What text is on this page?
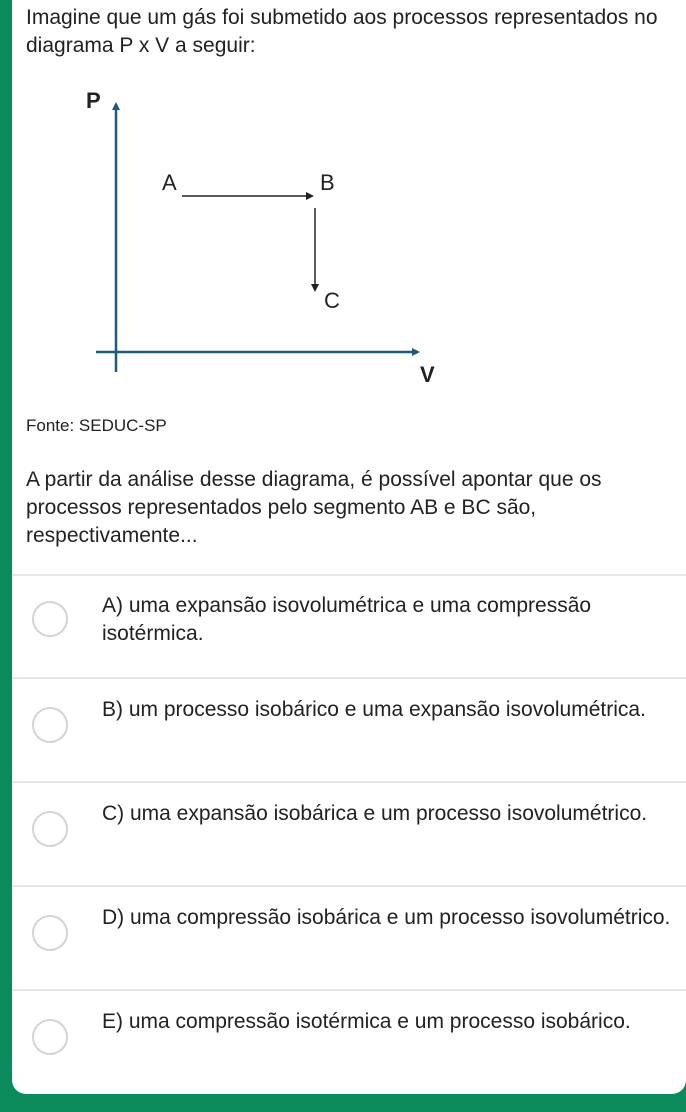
Imagine que um gás foi submetido aos processos representados no diagrama P x V a seguir:
P
V
A	B
C
Fonte: SEDUC-SP
A partir da análise desse diagrama, é possível apontar que os processos representados pelo segmento AB e BC são, respectivamente...
A) uma expansão isovolumétrica e uma compressão isotérmica.
B) um processo isobárico e uma expansão isovolumétrica.
C) uma expansão isobárica e um processo isovolumétrico.
D) uma compressão isobárica e um processo isovolumétrico.
E) uma compressão isotérmica e um processo isobárico.
